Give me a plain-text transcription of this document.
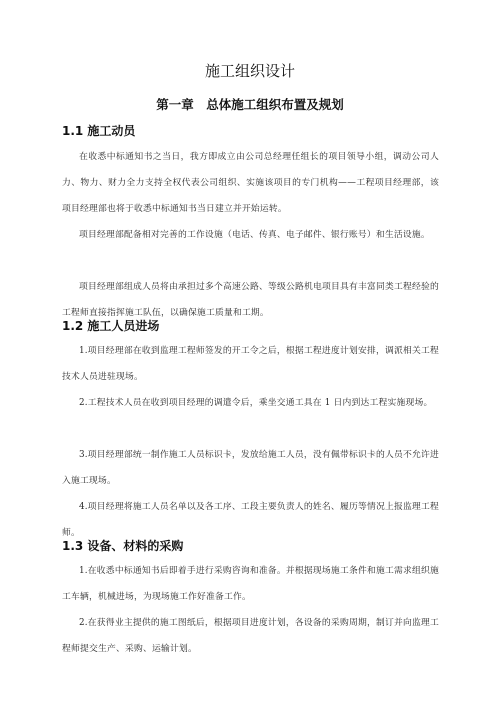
施工组织设计
第一章　总体施工组织布置及规划
1.1 施工动员

在收悉中标通知书之当日，我方即成立由公司总经理任组长的项目领导小组，调动公司人力、物力、财力全力支持全权代表公司组织、实施该项目的专门机构——工程项目经理部，该项目经理部也将于收悉中标通知书当日建立并开始运转。

项目经理部配备相对完善的工作设施（电话、传真、电子邮件、银行账号）和生活设施。

项目经理部组成人员将由承担过多个高速公路、等级公路机电项目具有丰富同类工程经验的工程师直接指挥施工队伍，以确保施工质量和工期。

1.2 施工人员进场

1.项目经理部在收到监理工程师签发的开工令之后，根据工程进度计划安排，调派相关工程技术人员进驻现场。

2.工程技术人员在收到项目经理的调遣令后，乘坐交通工具在 1 日内到达工程实施现场。

3.项目经理部统一制作施工人员标识卡，发放给施工人员，没有佩带标识卡的人员不允许进入施工现场。

4.项目经理将施工人员名单以及各工序、工段主要负责人的姓名、履历等情况上报监理工程师。

1.3 设备、材料的采购

1.在收悉中标通知书后即着手进行采购咨询和准备。并根据现场施工条件和施工需求组织施工车辆，机械进场，为现场施工作好准备工作。

2.在获得业主提供的施工图纸后，根据项目进度计划，各设备的采购周期，制订并向监理工程师提交生产、采购、运输计划。
